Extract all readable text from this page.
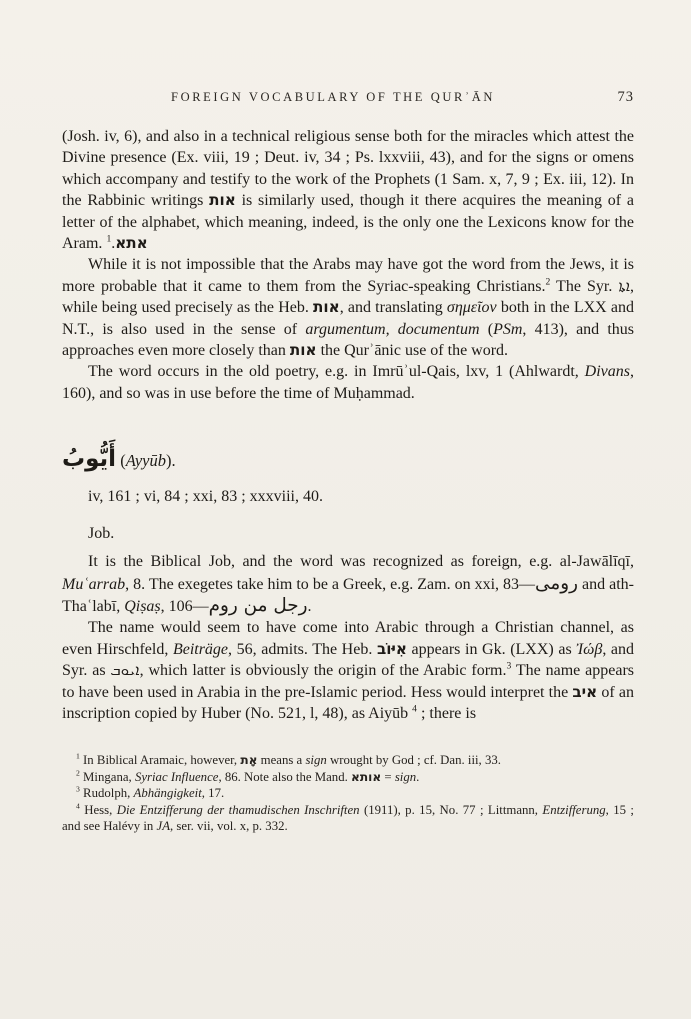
FOREIGN VOCABULARY OF THE QURʾĀN	73

(Josh. iv, 6), and also in a technical religious sense both for the miracles which attest the Divine presence (Ex. viii, 19 ; Deut. iv, 34 ; Ps. lxxviii, 43), and for the signs or omens which accompany and testify to the work of the Prophets (1 Sam. x, 7, 9 ; Ex. iii, 12). In the Rabbinic writings אות is similarly used, though it there acquires the meaning of a letter of the alphabet, which meaning, indeed, is the only one the Lexicons know for the Aram. אתא.$^1$

While it is not impossible that the Arabs may have got the word from the Jews, it is more probable that it came to them from the Syriac-speaking Christians.$^2$ The Syr. ܐܬܐ, while being used precisely as the Heb. אות, and translating σημεῖον both in the LXX and N.T., is also used in the sense of argumentum, documentum (PSm, 413), and thus approaches even more closely than אות the Qurʾānic use of the word.

The word occurs in the old poetry, e.g. in Imrūʾul-Qais, lxv, 1 (Ahlwardt, Divans, 160), and so was in use before the time of Muḥammad.

أَيُّوبُ (Ayyūb).

iv, 161 ; vi, 84 ; xxi, 83 ; xxxviii, 40.

Job.

It is the Biblical Job, and the word was recognized as foreign, e.g. al-Jawālīqī, Muʿarrab, 8. The exegetes take him to be a Greek, e.g. Zam. on xxi, 83—رومى and ath-Thaʿlabī, Qiṣaṣ, 106—رجل من روم.

The name would seem to have come into Arabic through a Christian channel, as even Hirschfeld, Beiträge, 56, admits. The Heb. אִיּוֹב appears in Gk. (LXX) as Ἰώβ, and Syr. as ܐܝܘܒ, which latter is obviously the origin of the Arabic form.$^3$ The name appears to have been used in Arabia in the pre-Islamic period. Hess would interpret the איב of an inscription copied by Huber (No. 521, l, 48), as Aiyūb $^4$ ; there is

$^1$ In Biblical Aramaic, however, אָת means a sign wrought by God ; cf. Dan. iii, 33.

$^2$ Mingana, Syriac Influence, 86. Note also the Mand. אותא = sign.

$^3$ Rudolph, Abhängigkeit, 17.

$^4$ Hess, Die Entzifferung der thamudischen Inschriften (1911), p. 15, No. 77 ; Littmann, Entzifferung, 15 ; and see Halévy in JA, ser. vii, vol. x, p. 332.
